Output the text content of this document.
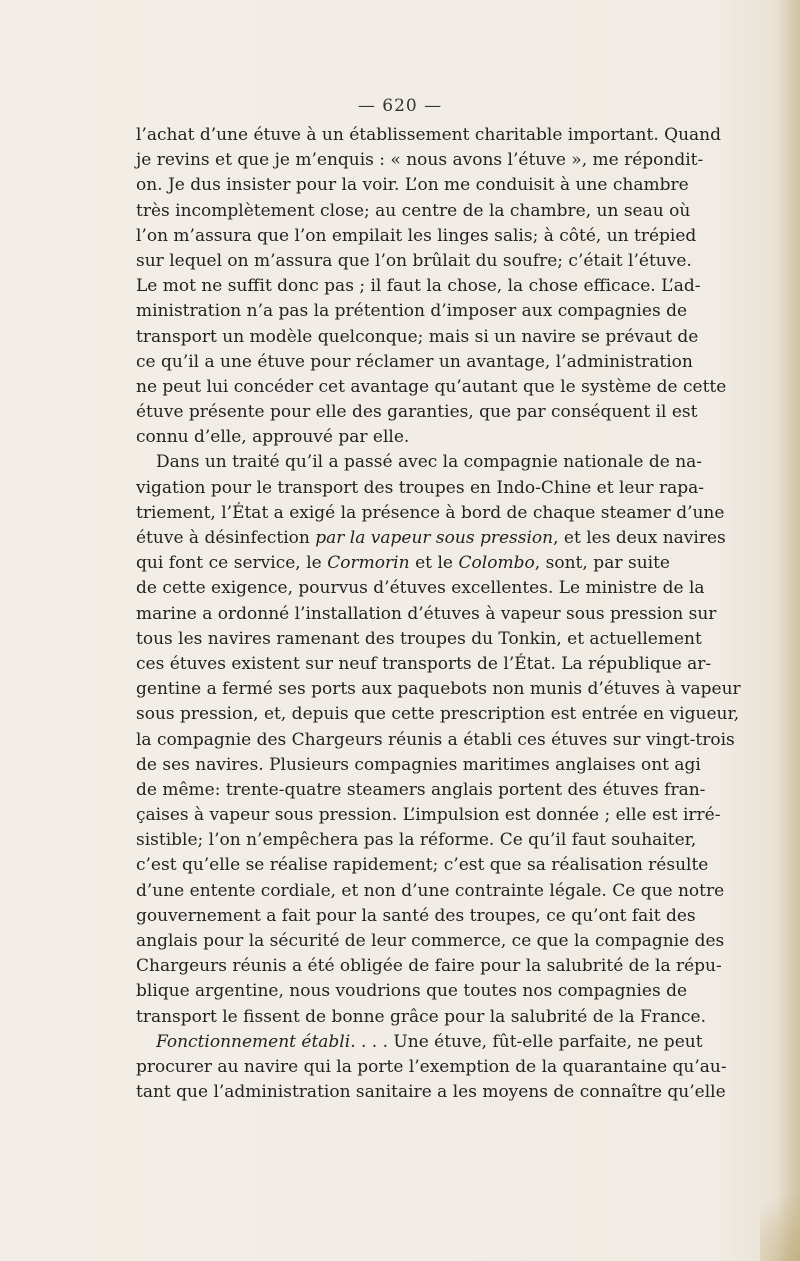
— 620 —
l’achat d’une étuve à un établissement charitable important. Quand
je revins et que je m’enquis : « nous avons l’étuve », me répondit-
on. Je dus insister pour la voir. L’on me conduisit à une chambre
très incomplètement close; au centre de la chambre, un seau où
l’on m’assura que l’on empilait les linges salis; à côté, un trépied
sur lequel on m’assura que l’on brûlait du soufre; c’était l’étuve.
Le mot ne suffit donc pas ; il faut la chose, la chose efficace. L’ad-
ministration n’a pas la prétention d’imposer aux compagnies de
transport un modèle quelconque; mais si un navire se prévaut de
ce qu’il a une étuve pour réclamer un avantage, l’administration
ne peut lui concéder cet avantage qu’autant que le système de cette
étuve présente pour elle des garanties, que par conséquent il est
connu d’elle, approuvé par elle.
Dans un traité qu’il a passé avec la compagnie nationale de na-
vigation pour le transport des troupes en Indo-Chine et leur rapa-
triement, l’État a exigé la présence à bord de chaque steamer d’une
étuve à désinfection par la vapeur sous pression, et les deux navires
qui font ce service, le Cormorin et le Colombo, sont, par suite
de cette exigence, pourvus d’étuves excellentes. Le ministre de la
marine a ordonné l’installation d’étuves à vapeur sous pression sur
tous les navires ramenant des troupes du Tonkin, et actuellement
ces étuves existent sur neuf transports de l’État. La république ar-
gentine a fermé ses ports aux paquebots non munis d’étuves à vapeur
sous pression, et, depuis que cette prescription est entrée en vigueur,
la compagnie des Chargeurs réunis a établi ces étuves sur vingt-trois
de ses navires. Plusieurs compagnies maritimes anglaises ont agi
de même: trente-quatre steamers anglais portent des étuves fran-
çaises à vapeur sous pression. L’impulsion est donnée ; elle est irré-
sistible; l’on n’empêchera pas la réforme. Ce qu’il faut souhaiter,
c’est qu’elle se réalise rapidement; c’est que sa réalisation résulte
d’une entente cordiale, et non d’une contrainte légale. Ce que notre
gouvernement a fait pour la santé des troupes, ce qu’ont fait des
anglais pour la sécurité de leur commerce, ce que la compagnie des
Chargeurs réunis a été obligée de faire pour la salubrité de la répu-
blique argentine, nous voudrions que toutes nos compagnies de
transport le fissent de bonne grâce pour la salubrité de la France.
Fonctionnement établi. . . . Une étuve, fût-elle parfaite, ne peut
procurer au navire qui la porte l’exemption de la quarantaine qu’au-
tant que l’administration sanitaire a les moyens de connaître qu’elle
